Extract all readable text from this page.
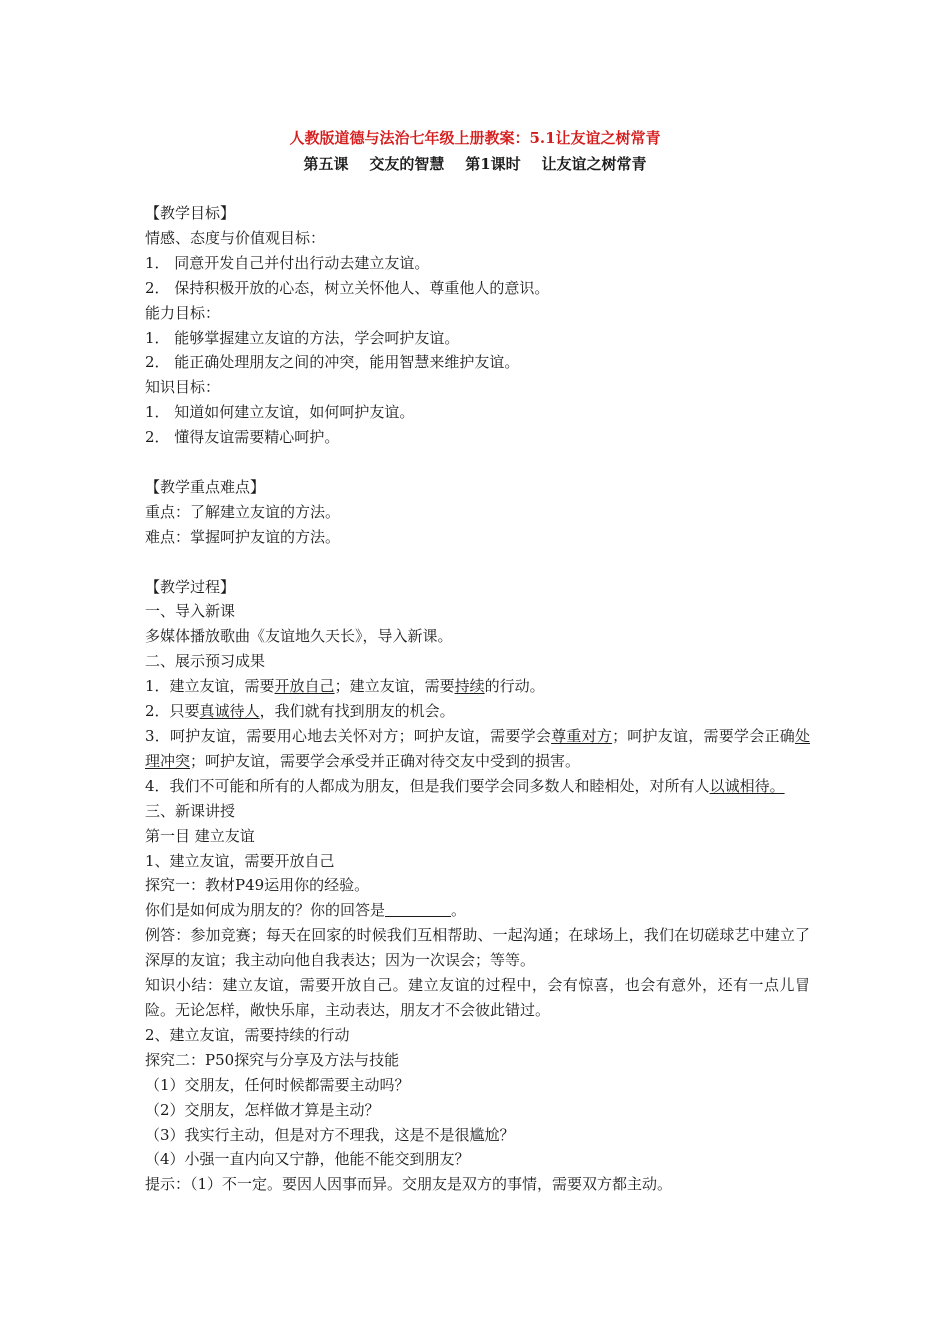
人教版道德与法治七年级上册教案：5.1让友谊之树常青
第五课    交友的智慧    第1课时    让友谊之树常青
【教学目标】
情感、态度与价值观目标：
1． 同意开发自己并付出行动去建立友谊。
2． 保持积极开放的心态，树立关怀他人、尊重他人的意识。
能力目标：
1． 能够掌握建立友谊的方法，学会呵护友谊。
2． 能正确处理朋友之间的冲突，能用智慧来维护友谊。
知识目标：
1． 知道如何建立友谊，如何呵护友谊。
2． 懂得友谊需要精心呵护。
【教学重点难点】
重点：了解建立友谊的方法。
难点：掌握呵护友谊的方法。
【教学过程】
一、导入新课
多媒体播放歌曲《友谊地久天长》，导入新课。
二、展示预习成果
1．建立友谊，需要开放自己；建立友谊，需要持续的行动。
2．只要真诚待人，我们就有找到朋友的机会。
3．呵护友谊，需要用心地去关怀对方；呵护友谊，需要学会尊重对方；呵护友谊，需要学会正确处理冲突；呵护友谊，需要学会承受并正确对待交友中受到的损害。
4．我们不可能和所有的人都成为朋友，但是我们要学会同多数人和睦相处，对所有人以诚相待。
三、新课讲授
第一目 建立友谊
1、建立友谊，需要开放自己
探究一：教材P49运用你的经验。
你们是如何成为朋友的？你的回答是	。
例答：参加竞赛；每天在回家的时候我们互相帮助、一起沟通；在球场上，我们在切磋球艺中建立了深厚的友谊；我主动向他自我表达；因为一次误会；等等。
知识小结：建立友谊，需要开放自己。建立友谊的过程中，会有惊喜，也会有意外，还有一点儿冒险。无论怎样，敞快乐扉，主动表达，朋友才不会彼此错过。
2、建立友谊，需要持续的行动
探究二：P50探究与分享及方法与技能
（1）交朋友，任何时候都需要主动吗？
（2）交朋友，怎样做才算是主动？
（3）我实行主动，但是对方不理我，这是不是很尴尬？
（4）小强一直内向又宁静，他能不能交到朋友？
提示：（1）不一定。要因人因事而异。交朋友是双方的事情，需要双方都主动。
